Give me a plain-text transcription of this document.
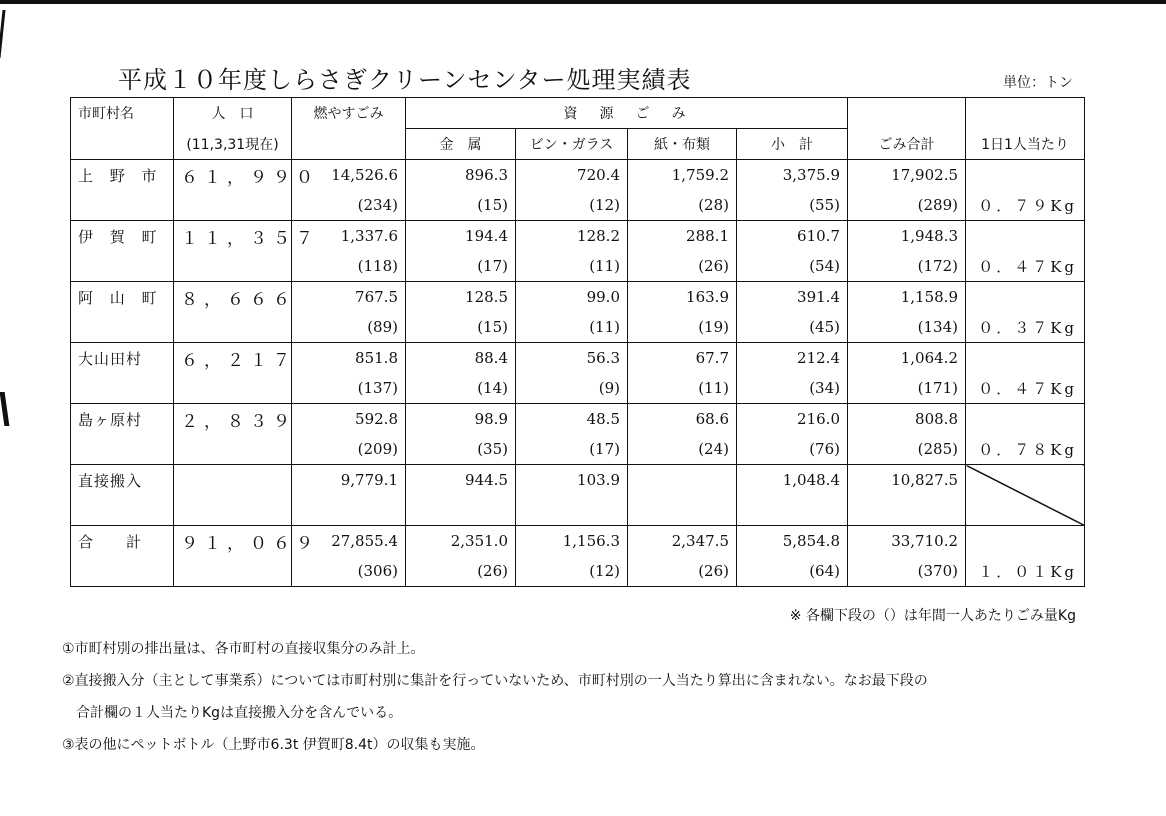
平成１０年度しらさぎクリーンセンター処理実績表	単位：トン
市町村名	人　口	燃やすごみ	資　源　ご　み					
	(11,3,31現在)		金　属	ビン・ガラス	紙・布類	小　計	ごみ合計	1日1人当たり
上 野 市	６１，９９０	14,526.6	896.3	720.4	1,759.2	3,375.9	17,902.5	
		(234)	(15)	(12)	(28)	(55)	(289)	０．７９Kg
伊 賀 町	１１，３５７	1,337.6	194.4	128.2	288.1	610.7	1,948.3	
		(118)	(17)	(11)	(26)	(54)	(172)	０．４７Kg
阿 山 町	８，６６６	767.5	128.5	99.0	163.9	391.4	1,158.9	
		(89)	(15)	(11)	(19)	(45)	(134)	０．３７Kg
大山田村	６，２１７	851.8	88.4	56.3	67.7	212.4	1,064.2	
		(137)	(14)	(9)	(11)	(34)	(171)	０．４７Kg
島ヶ原村	２，８３９	592.8	98.9	48.5	68.6	216.0	808.8	
		(209)	(35)	(17)	(24)	(76)	(285)	０．７８Kg
直接搬入		9,779.1	944.5	103.9		1,048.4	10,827.5	

合　　計	９１，０６９	27,855.4	2,351.0	1,156.3	2,347.5	5,854.8	33,710.2	
		(306)	(26)	(12)	(26)	(64)	(370)	１．０１Kg
※ 各欄下段の（）は年間一人あたりごみ量Kg
①市町村別の排出量は、各市町村の直接収集分のみ計上。
②直接搬入分（主として事業系）については市町村別に集計を行っていないため、市町村別の一人当たり算出に含まれない。なお最下段の
　合計欄の１人当たりKgは直接搬入分を含んでいる。
③表の他にペットボトル（上野市6.3t 伊賀町8.4t）の収集も実施。
